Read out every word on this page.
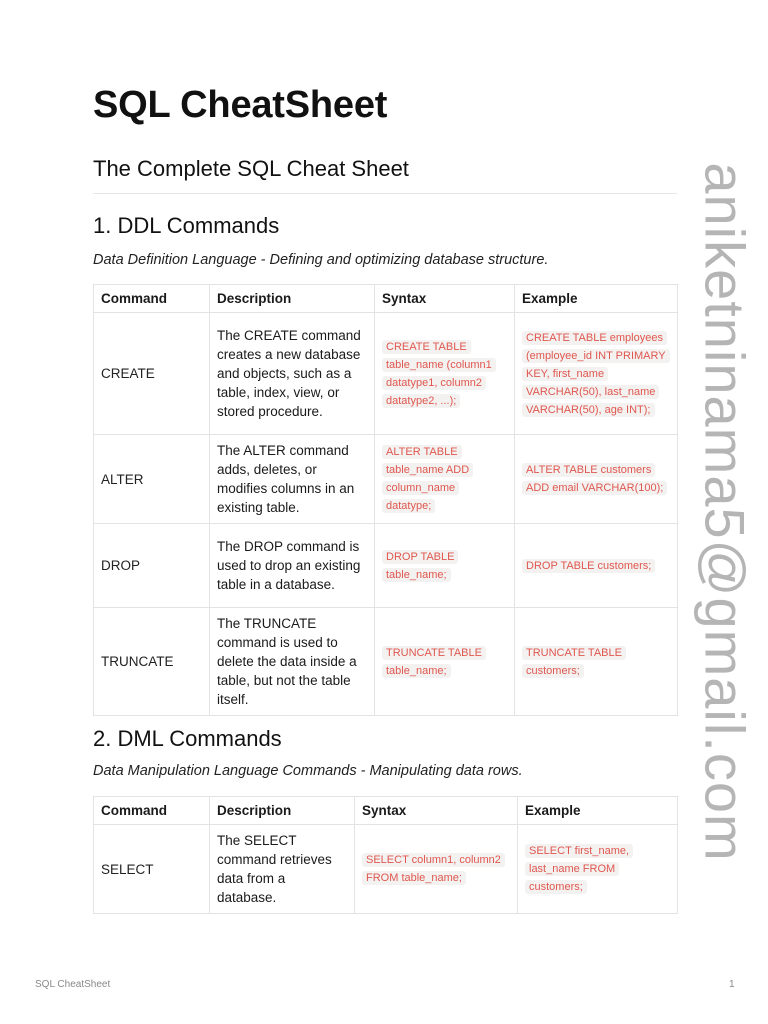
SQL CheatSheet
The Complete SQL Cheat Sheet
1. DDL Commands

Data Definition Language - Defining and optimizing database structure.

Command	Description	Syntax	Example
CREATE	The CREATE command creates a new database and objects, such as a table, index, view, or stored procedure.	CREATE TABLE table_name (column1 datatype1, column2 datatype2, ...);	CREATE TABLE employees (employee_id INT PRIMARY KEY, first_name VARCHAR(50), last_name VARCHAR(50), age INT);
ALTER	The ALTER command adds, deletes, or modifies columns in an existing table.	ALTER TABLE table_name ADD column_name datatype;	ALTER TABLE customers ADD email VARCHAR(100);
DROP	The DROP command is used to drop an existing table in a database.	DROP TABLE table_name;	DROP TABLE customers;
TRUNCATE	The TRUNCATE command is used to delete the data inside a table, but not the table itself.	TRUNCATE TABLE table_name;	TRUNCATE TABLE customers;
2. DML Commands

Data Manipulation Language Commands - Manipulating data rows.

Command	Description	Syntax	Example
SELECT	The SELECT command retrieves data from a database.	SELECT column1, column2 FROM table_name;	SELECT first_name, last_name FROM customers;
aniketninama5@gmail.com
SQL CheatSheet	1
